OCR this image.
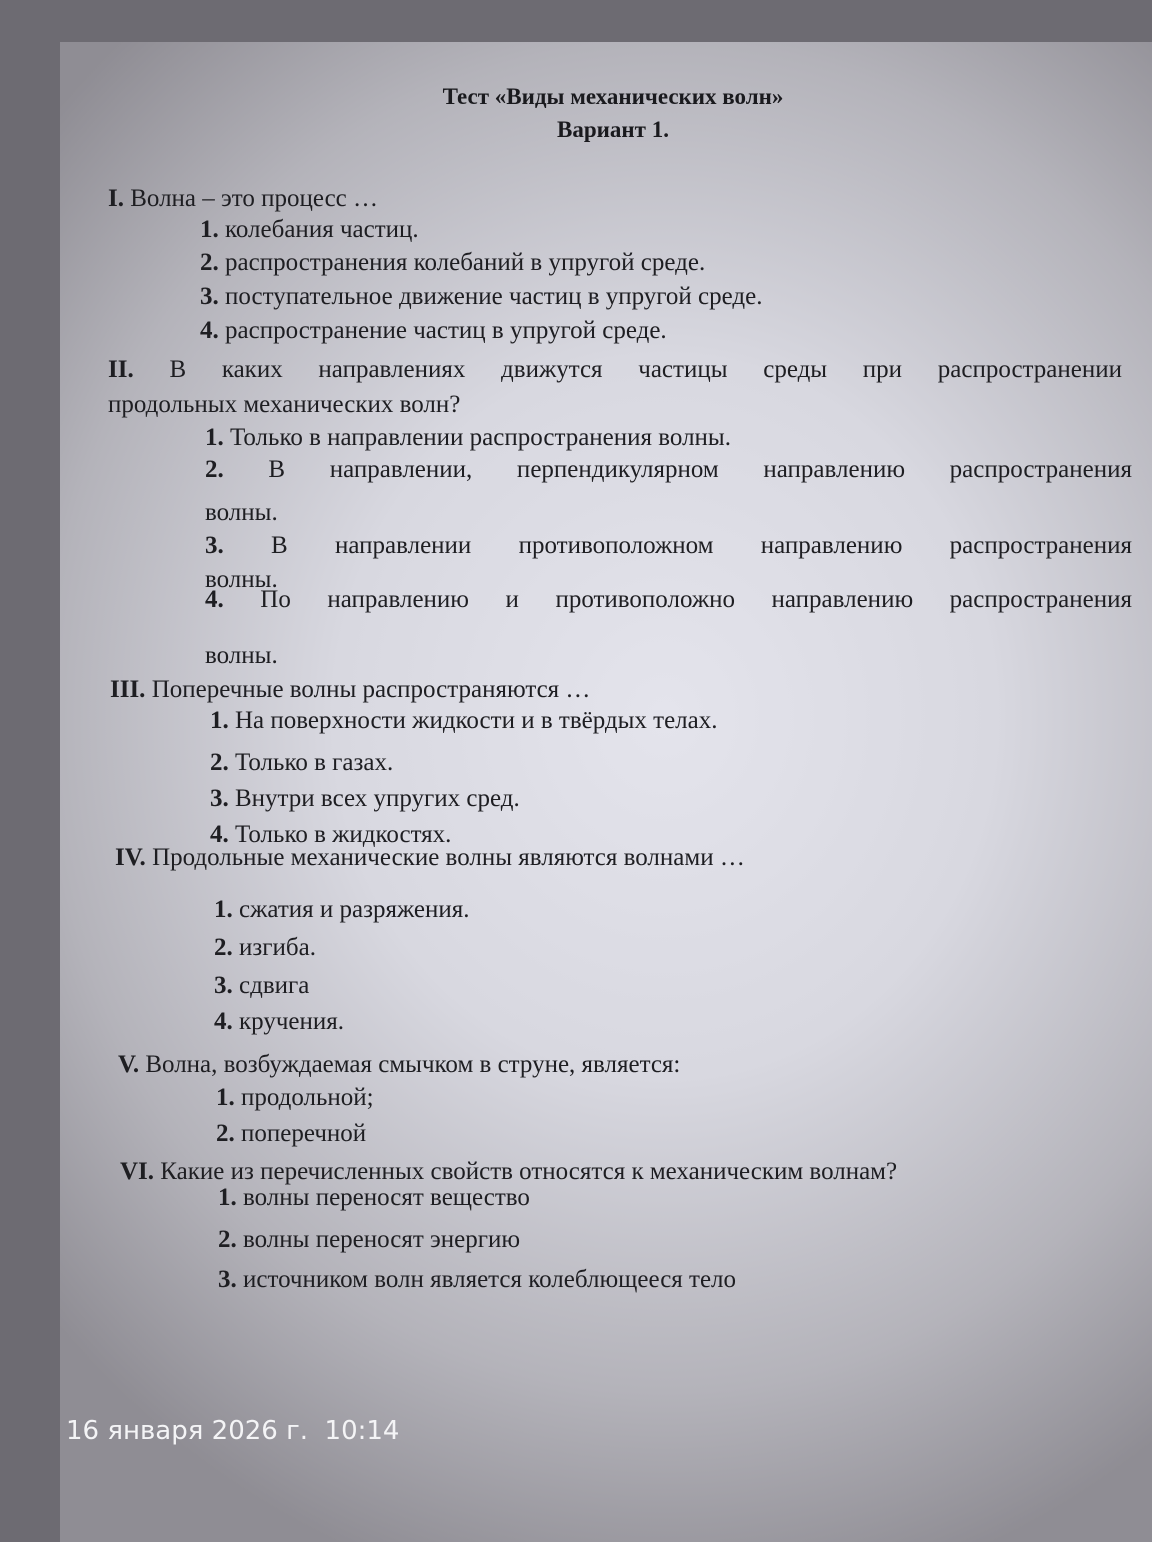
Тест «Виды механических волн»
Вариант 1.
I. Волна – это процесс …
1. колебания частиц.
2. распространения колебаний в упругой среде.
3. поступательное движение частиц в упругой среде.
4. распространение частиц в упругой среде.
II. В каких направлениях движутся частицы среды при распространении
продольных механических волн?
1. Только в направлении распространения волны.
2. В направлении, перпендикулярном направлению распространения
волны.
3. В направлении противоположном направлению распространения
волны.
4. По направлению и противоположно направлению распространения
волны.
III. Поперечные волны распространяются …
1. На поверхности жидкости и в твёрдых телах.
2. Только в газах.
3. Внутри всех упругих сред.
4. Только в жидкостях.
IV. Продольные механические волны являются волнами …
1. сжатия и разряжения.
2. изгиба.
3. сдвига
4. кручения.
V. Волна, возбуждаемая смычком в струне, является:
1. продольной;
2. поперечной
VI. Какие из перечисленных свойств относятся к механическим волнам?
1. волны переносят вещество
2. волны переносят энергию
3. источником волн является колеблющееся тело
16 января 2026 г.  10:14
